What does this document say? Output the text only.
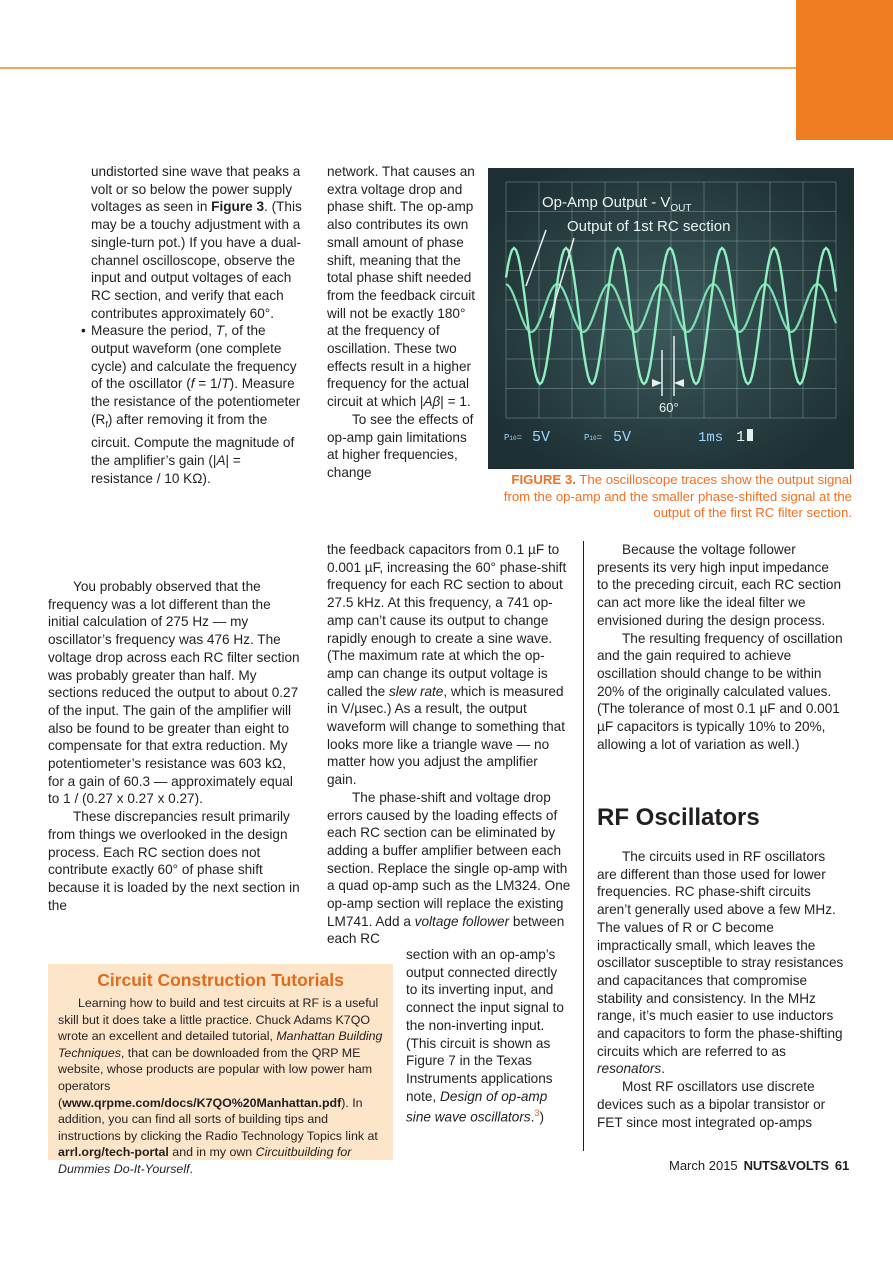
undistorted sine wave that peaks a volt or so below the power supply voltages as seen in Figure 3. (This may be a touchy adjustment with a single-turn pot.) If you have a dual-channel oscilloscope, observe the input and output voltages of each RC section, and verify that each contributes approximately 60°.
• Measure the period, T, of the output waveform (one complete cycle) and calculate the frequency of the oscillator (f = 1/T). Measure the resistance of the potentiometer $(R_f)$ after removing it from the circuit. Compute the magnitude of the amplifier’s gain (|A| = resistance / 10 KΩ).

You probably observed that the frequency was a lot different than the initial calculation of 275 Hz — my oscillator’s frequency was 476 Hz. The voltage drop across each RC filter section was probably greater than half. My sections reduced the output to about 0.27 of the input. The gain of the amplifier will also be found to be greater than eight to compensate for that extra reduction. My potentiometer’s resistance was 603 kΩ, for a gain of 60.3 — approximately equal to 1 / (0.27 x 0.27 x 0.27).

These discrepancies result primarily from things we overlooked in the design process. Each RC section does not contribute exactly 60° of phase shift because it is loaded by the next section in the

network. That causes an extra voltage drop and phase shift. The op-amp also contributes its own small amount of phase shift, meaning that the total phase shift needed from the feedback circuit will not be exactly 180° at the frequency of oscillation. These two effects result in a higher frequency for the actual circuit at which |Aβ| = 1.

To see the effects of op-amp gain limitations at higher frequencies, change

the feedback capacitors from 0.1 µF to 0.001 µF, increasing the 60° phase-shift frequency for each RC section to about 27.5 kHz. At this frequency, a 741 op-amp can’t cause its output to change rapidly enough to create a sine wave. (The maximum rate at which the op-amp can change its output voltage is called the slew rate, which is measured in V/µsec.) As a result, the output waveform will change to something that looks more like a triangle wave — no matter how you adjust the amplifier gain.

The phase-shift and voltage drop errors caused by the loading effects of each RC section can be eliminated by adding a buffer amplifier between each section. Replace the single op-amp with a quad op-amp such as the LM324. One op-amp section will replace the existing LM741. Add a voltage follower between each RC

section with an op-amp’s output connected directly to its inverting input, and connect the input signal to the non-inverting input. (This circuit is shown as Figure 7 in the Texas Instruments applications note, Design of op-amp sine wave oscillators.$^3$)

Because the voltage follower presents its very high input impedance to the preceding circuit, each RC section can act more like the ideal filter we envisioned during the design process.

The resulting frequency of oscillation and the gain required to achieve oscillation should change to be within 20% of the originally calculated values. (The tolerance of most 0.1 µF and 0.001 µF capacitors is typically 10% to 20%, allowing a lot of variation as well.)

RF Oscillators

The circuits used in RF oscillators are different than those used for lower frequencies. RC phase-shift circuits aren’t generally used above a few MHz. The values of R or C become impractically small, which leaves the oscillator susceptible to stray resistances and capacitances that compromise stability and consistency. In the MHz range, it’s much easier to use inductors and capacitors to form the phase-shifting circuits which are referred to as resonators.

Most RF oscillators use discrete devices such as a bipolar transistor or FET since most integrated op-amps

60°
Op-Amp Output - $V_{OUT}$
Output of 1st RC section
P10= 5V	P10= 5V	1ms 1
FIGURE 3. The oscilloscope traces show the output signal from the op-amp and the smaller phase-shifted signal at the output of the first RC filter section.
Circuit Construction Tutorials

Learning how to build and test circuits at RF is a useful skill but it does take a little practice. Chuck Adams K7QO wrote an excellent and detailed tutorial, Manhattan Building Techniques, that can be downloaded from the QRP ME website, whose products are popular with low power ham operators (www.qrpme.com/docs/K7QO%20Manhattan.pdf). In addition, you can find all sorts of building tips and instructions by clicking the Radio Technology Topics link at arrl.org/tech-portal and in my own Circuitbuilding for Dummies Do-It-Yourself.	March 2015 NUTS&VOLTS 61
